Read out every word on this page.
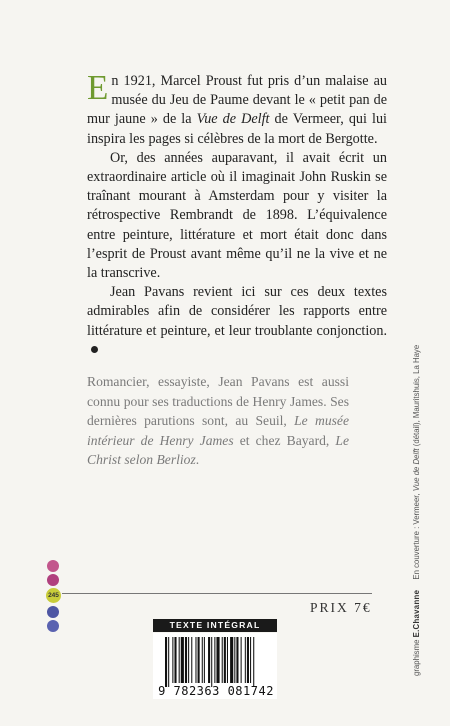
En 1921, Marcel Proust fut pris d’un malaise au musée du Jeu de Paume devant le « petit pan de mur jaune » de la Vue de Delft de Vermeer, qui lui inspira les pages si célèbres de la mort de Bergotte.

Or, des années auparavant, il avait écrit un extraordinaire article où il imaginait John Ruskin se traînant mourant à Amsterdam pour y visiter la rétrospective Rembrandt de 1898. L’équivalence entre peinture, littérature et mort était donc dans l’esprit de Proust avant même qu’il ne la vive et ne la transcrive.

Jean Pavans revient ici sur ces deux textes admirables afin de considérer les rapports entre littérature et peinture, et leur troublante conjonction.

Romancier, essayiste, Jean Pavans est aussi connu pour ses traductions de Henry James. Ses dernières parutions sont, au Seuil, Le musée intérieur de Henry James et chez Bayard, Le Christ selon Berlioz.
graphisme E.Chavanne En couverture : Vermeer, Vue de Delft (détail), Mauritshuis, La Haye
245
PRIX 7€
TEXTE INTÉGRAL
9 782363 081742
